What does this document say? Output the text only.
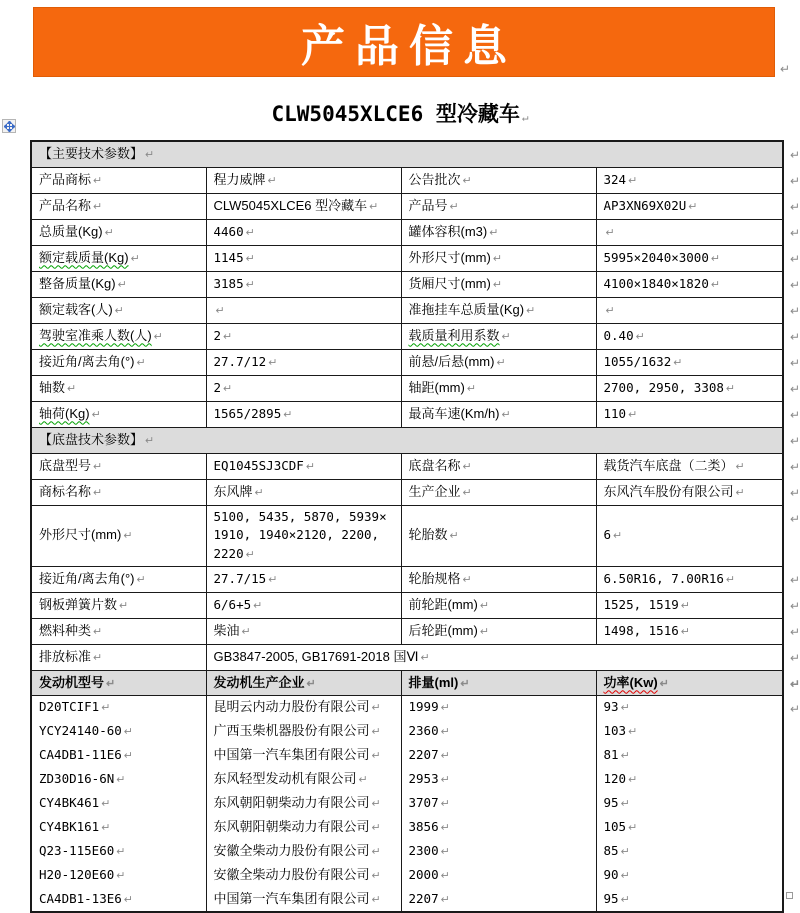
产品信息	↵
CLW5045XLCE6 型冷藏车 ↵
【主要技术参数】 ↵ ↵			

产品商标 ↵	程力威牌 ↵	公告批次 ↵	324 ↵ ↵

产品名称 ↵	CLW5045XLCE6 型冷藏车 ↵	产品号 ↵	AP3XN69X02U ↵ ↵

总质量(Kg) ↵	4460 ↵	罐体容积(m3) ↵	↵ ↵

额定载质量(Kg) ↵	1145 ↵	外形尺寸(mm) ↵	5995×2040×3000 ↵ ↵

整备质量(Kg) ↵	3185 ↵	货厢尺寸(mm) ↵	4100×1840×1820 ↵ ↵

额定载客(人) ↵	↵	准拖挂车总质量(Kg) ↵	↵ ↵

驾驶室准乘人数(人) ↵	2 ↵	载质量利用系数 ↵	0.40 ↵ ↵

接近角/离去角(°) ↵	27.7/12 ↵	前悬/后悬(mm) ↵	1055/1632 ↵ ↵

轴数 ↵	2 ↵	轴距(mm) ↵	2700, 2950, 3308 ↵ ↵

轴荷(Kg) ↵	1565/2895 ↵	最高车速(Km/h) ↵	110 ↵ ↵

【底盘技术参数】 ↵ ↵			

底盘型号 ↵	EQ1045SJ3CDF ↵	底盘名称 ↵	载货汽车底盘（二类） ↵ ↵

商标名称 ↵	东风牌 ↵	生产企业 ↵	东风汽车股份有限公司 ↵ ↵

外形尺寸(mm) ↵	5100, 5435, 5870, 5939×1910, 1940×2120, 2200, 2220 ↵	轮胎数 ↵	6 ↵
↵

接近角/离去角(°) ↵	27.7/15 ↵	轮胎规格 ↵	6.50R16, 7.00R16 ↵ ↵

钢板弹簧片数 ↵	6/6+5 ↵	前轮距(mm) ↵	1525, 1519 ↵ ↵

燃料种类 ↵	柴油 ↵	后轮距(mm) ↵	1498, 1516 ↵ ↵

排放标准 ↵	GB3847-2005, GB17691-2018 国Ⅵ ↵ ↵		

发动机型号 ↵	发动机生产企业 ↵	排量(ml) ↵	功率(Kw) ↵ ↵

D20TCIF1 ↵	昆明云内动力股份有限公司 ↵	1999 ↵	93 ↵ ↵

YCY24140-60 ↵	广西玉柴机器股份有限公司 ↵	2360 ↵	103 ↵
CA4DB1-11E6 ↵	中国第一汽车集团有限公司 ↵	2207 ↵	81 ↵
ZD30D16-6N ↵	东风轻型发动机有限公司 ↵	2953 ↵	120 ↵
CY4BK461 ↵	东风朝阳朝柴动力有限公司 ↵	3707 ↵	95 ↵
CY4BK161 ↵	东风朝阳朝柴动力有限公司 ↵	3856 ↵	105 ↵
Q23-115E60 ↵	安徽全柴动力股份有限公司 ↵	2300 ↵	85 ↵
H20-120E60 ↵	安徽全柴动力股份有限公司 ↵	2000 ↵	90 ↵
CA4DB1-13E6 ↵	中国第一汽车集团有限公司 ↵	2207 ↵	95 ↵
